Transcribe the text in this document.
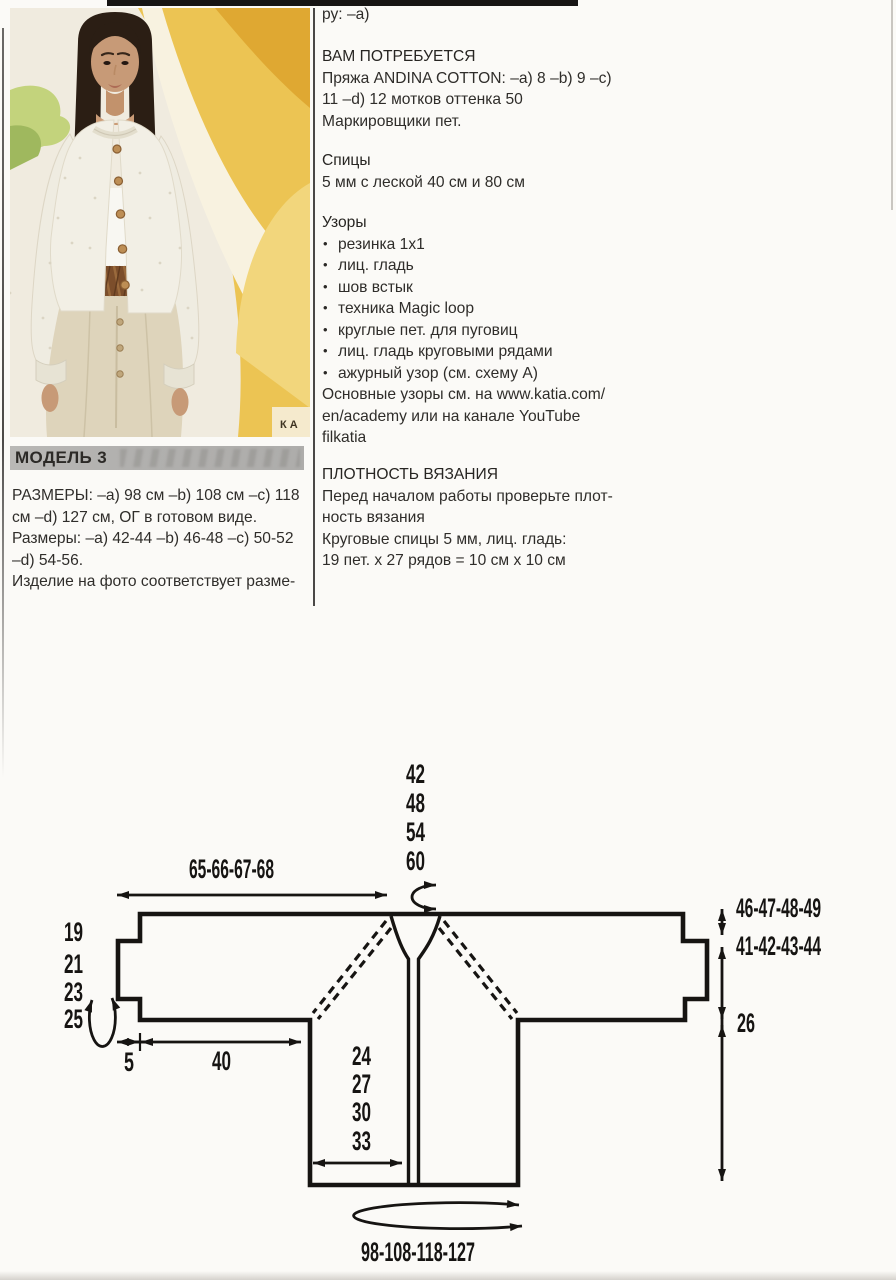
КА
МОДЕЛЬ 3
РАЗМЕРЫ: –a) 98 см –b) 108 см –c) 118
см –d) 127 см, ОГ в готовом виде.
Размеры: –a) 42-44 –b) 46-48 –c) 50-52
–d) 54-56.
Изделие на фото соответствует разме-
ру: –а)
ВАМ ПОТРЕБУЕТСЯ
Пряжа ANDINA COTTON: –a) 8 –b) 9 –c)
11 –d) 12 мотков оттенка 50
Маркировщики пет.
Спицы
5 мм с леской 40 см и 80 см
Узоры
• резинка 1x1
• лиц. гладь
• шов встык
• техника Magic loop
• круглые пет. для пуговиц
• лиц. гладь круговыми рядами
• ажурный узор (см. схему А)
Основные узоры см. на www.katia.com/
en/academy или на канале YouTube
filkatia
ПЛОТНОСТЬ ВЯЗАНИЯ
Перед началом работы проверьте плот-
ность вязания
Круговые спицы 5 мм, лиц. гладь:
19 пет. x 27 рядов = 10 см x 10 см
42
48
54
60
65-66-67-68
19
21
23
25
5	40	24
27
30
33
46-47-48-49
41-42-43-44
26
98-108-118-127
